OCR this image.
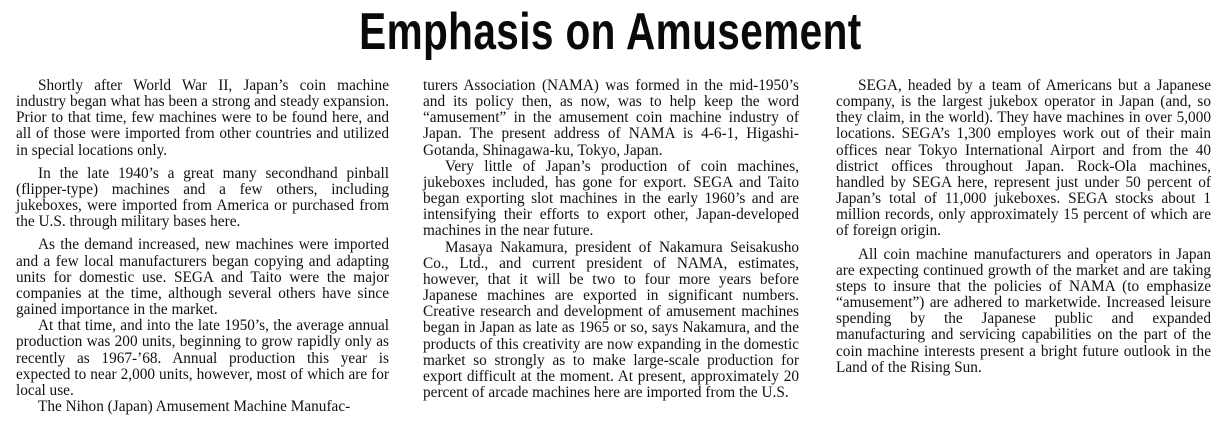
Emphasis on Amusement

Shortly after World War II, Japan’s coin machine industry began what has been a strong and steady expansion. Prior to that time, few machines were to be found here, and all of those were imported from other countries and utilized in special locations only.

In the late 1940’s a great many secondhand pinball (flipper-type) machines and a few others, including jukeboxes, were imported from America or purchased from the U.S. through military bases here.

As the demand increased, new machines were imported and a few local manufacturers began copying and adapting units for domestic use. SEGA and Taito were the major companies at the time, although several others have since gained importance in the market.

At that time, and into the late 1950’s, the average annual production was 200 units, beginning to grow rapidly only as recently as 1967-’68. Annual production this year is expected to near 2,000 units, however, most of which are for local use.

The Nihon (Japan) Amusement Machine Manufac-

turers Association (NAMA) was formed in the mid-1950’s and its policy then, as now, was to help keep the word “amusement” in the amusement coin machine industry of Japan. The present address of NAMA is 4-6-1, Higashi-Gotanda, Shinagawa-ku, Tokyo, Japan.

Very little of Japan’s production of coin machines, jukeboxes included, has gone for export. SEGA and Taito began exporting slot machines in the early 1960’s and are intensifying their efforts to export other, Japan-developed machines in the near future.

Masaya Nakamura, president of Nakamura Seisakusho Co., Ltd., and current president of NAMA, estimates, however, that it will be two to four more years before Japanese machines are exported in significant numbers. Creative research and development of amusement machines began in Japan as late as 1965 or so, says Nakamura, and the products of this creativity are now expanding in the domestic market so strongly as to make large-scale production for export difficult at the moment. At present, approximately 20 percent of arcade machines here are imported from the U.S.

SEGA, headed by a team of Americans but a Japanese company, is the largest jukebox operator in Japan (and, so they claim, in the world). They have machines in over 5,000 locations. SEGA’s 1,300 employes work out of their main offices near Tokyo International Airport and from the 40 district offices throughout Japan. Rock-Ola machines, handled by SEGA here, represent just under 50 percent of Japan’s total of 11,000 jukeboxes. SEGA stocks about 1 million records, only approximately 15 percent of which are of foreign origin.

All coin machine manufacturers and operators in Japan are expecting continued growth of the market and are taking steps to insure that the policies of NAMA (to emphasize “amusement”) are adhered to marketwide. Increased leisure spending by the Japanese public and expanded manufacturing and servicing capabilities on the part of the coin machine interests present a bright future outlook in the Land of the Rising Sun.
